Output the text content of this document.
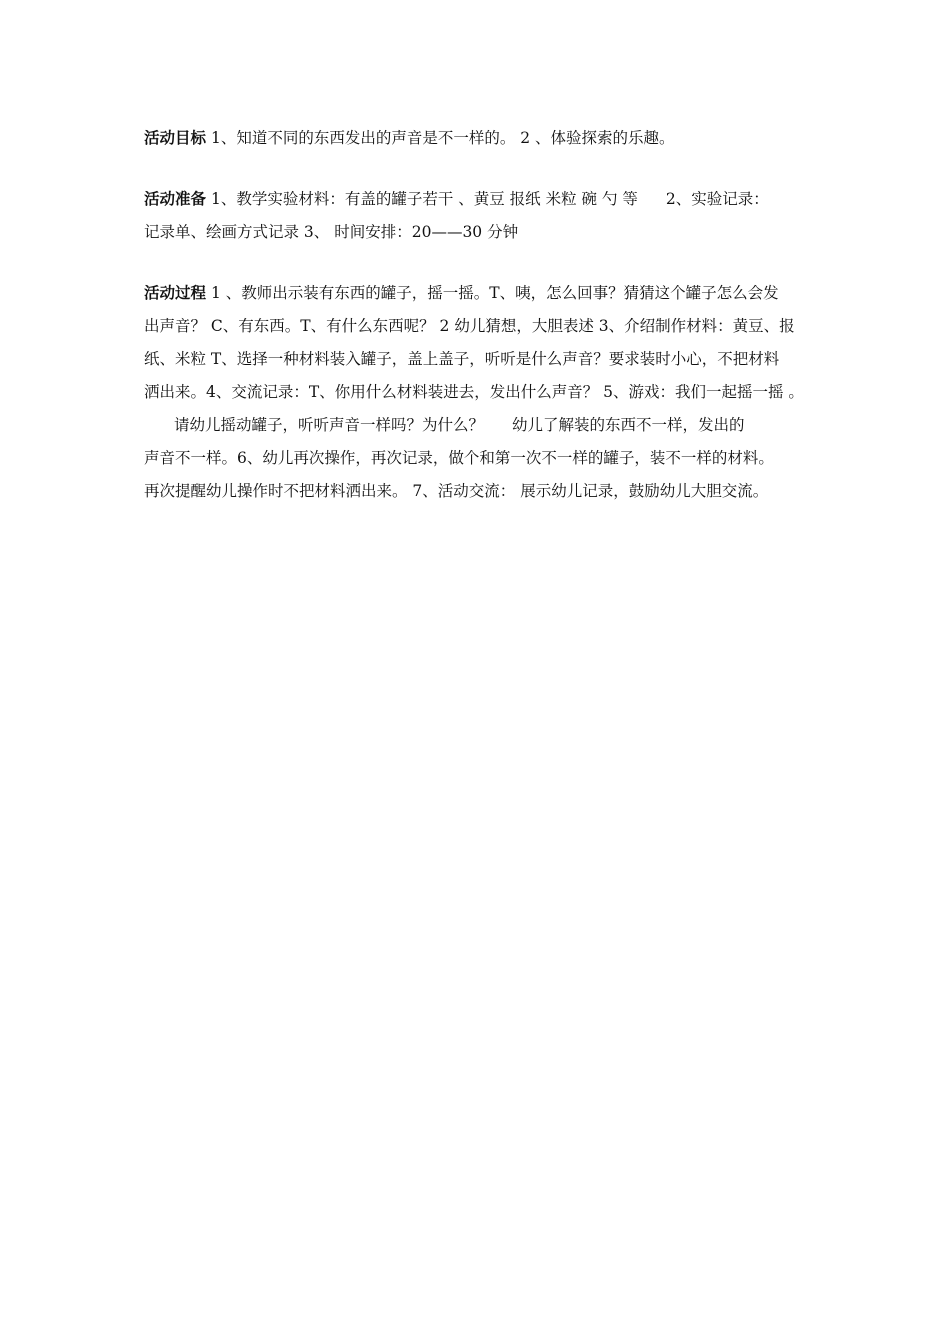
活动目标 1、知道不同的东西发出的声音是不一样的。 2 、体验探索的乐趣。

活动准备 1、教学实验材料：有盖的罐子若干 、黄豆 报纸 米粒 碗 勺 等 2、实验记录：
记录单、绘画方式记录 3、 时间安排：20——30 分钟

活动过程 1 、教师出示装有东西的罐子，摇一摇。T、咦，怎么回事？猜猜这个罐子怎么会发
出声音？ C、有东西。T、有什么东西呢？ 2 幼儿猜想，大胆表述 3、介绍制作材料：黄豆、报
纸、米粒 T、选择一种材料装入罐子，盖上盖子，听听是什么声音？要求装时小心，不把材料
洒出来。4、交流记录：T、你用什么材料装进去，发出什么声音？ 5、游戏：我们一起摇一摇 。
请幼儿摇动罐子，听听声音一样吗？为什么？ 幼儿了解装的东西不一样，发出的
声音不一样。6、幼儿再次操作，再次记录，做个和第一次不一样的罐子，装不一样的材料。
再次提醒幼儿操作时不把材料洒出来。 7、活动交流： 展示幼儿记录，鼓励幼儿大胆交流。
